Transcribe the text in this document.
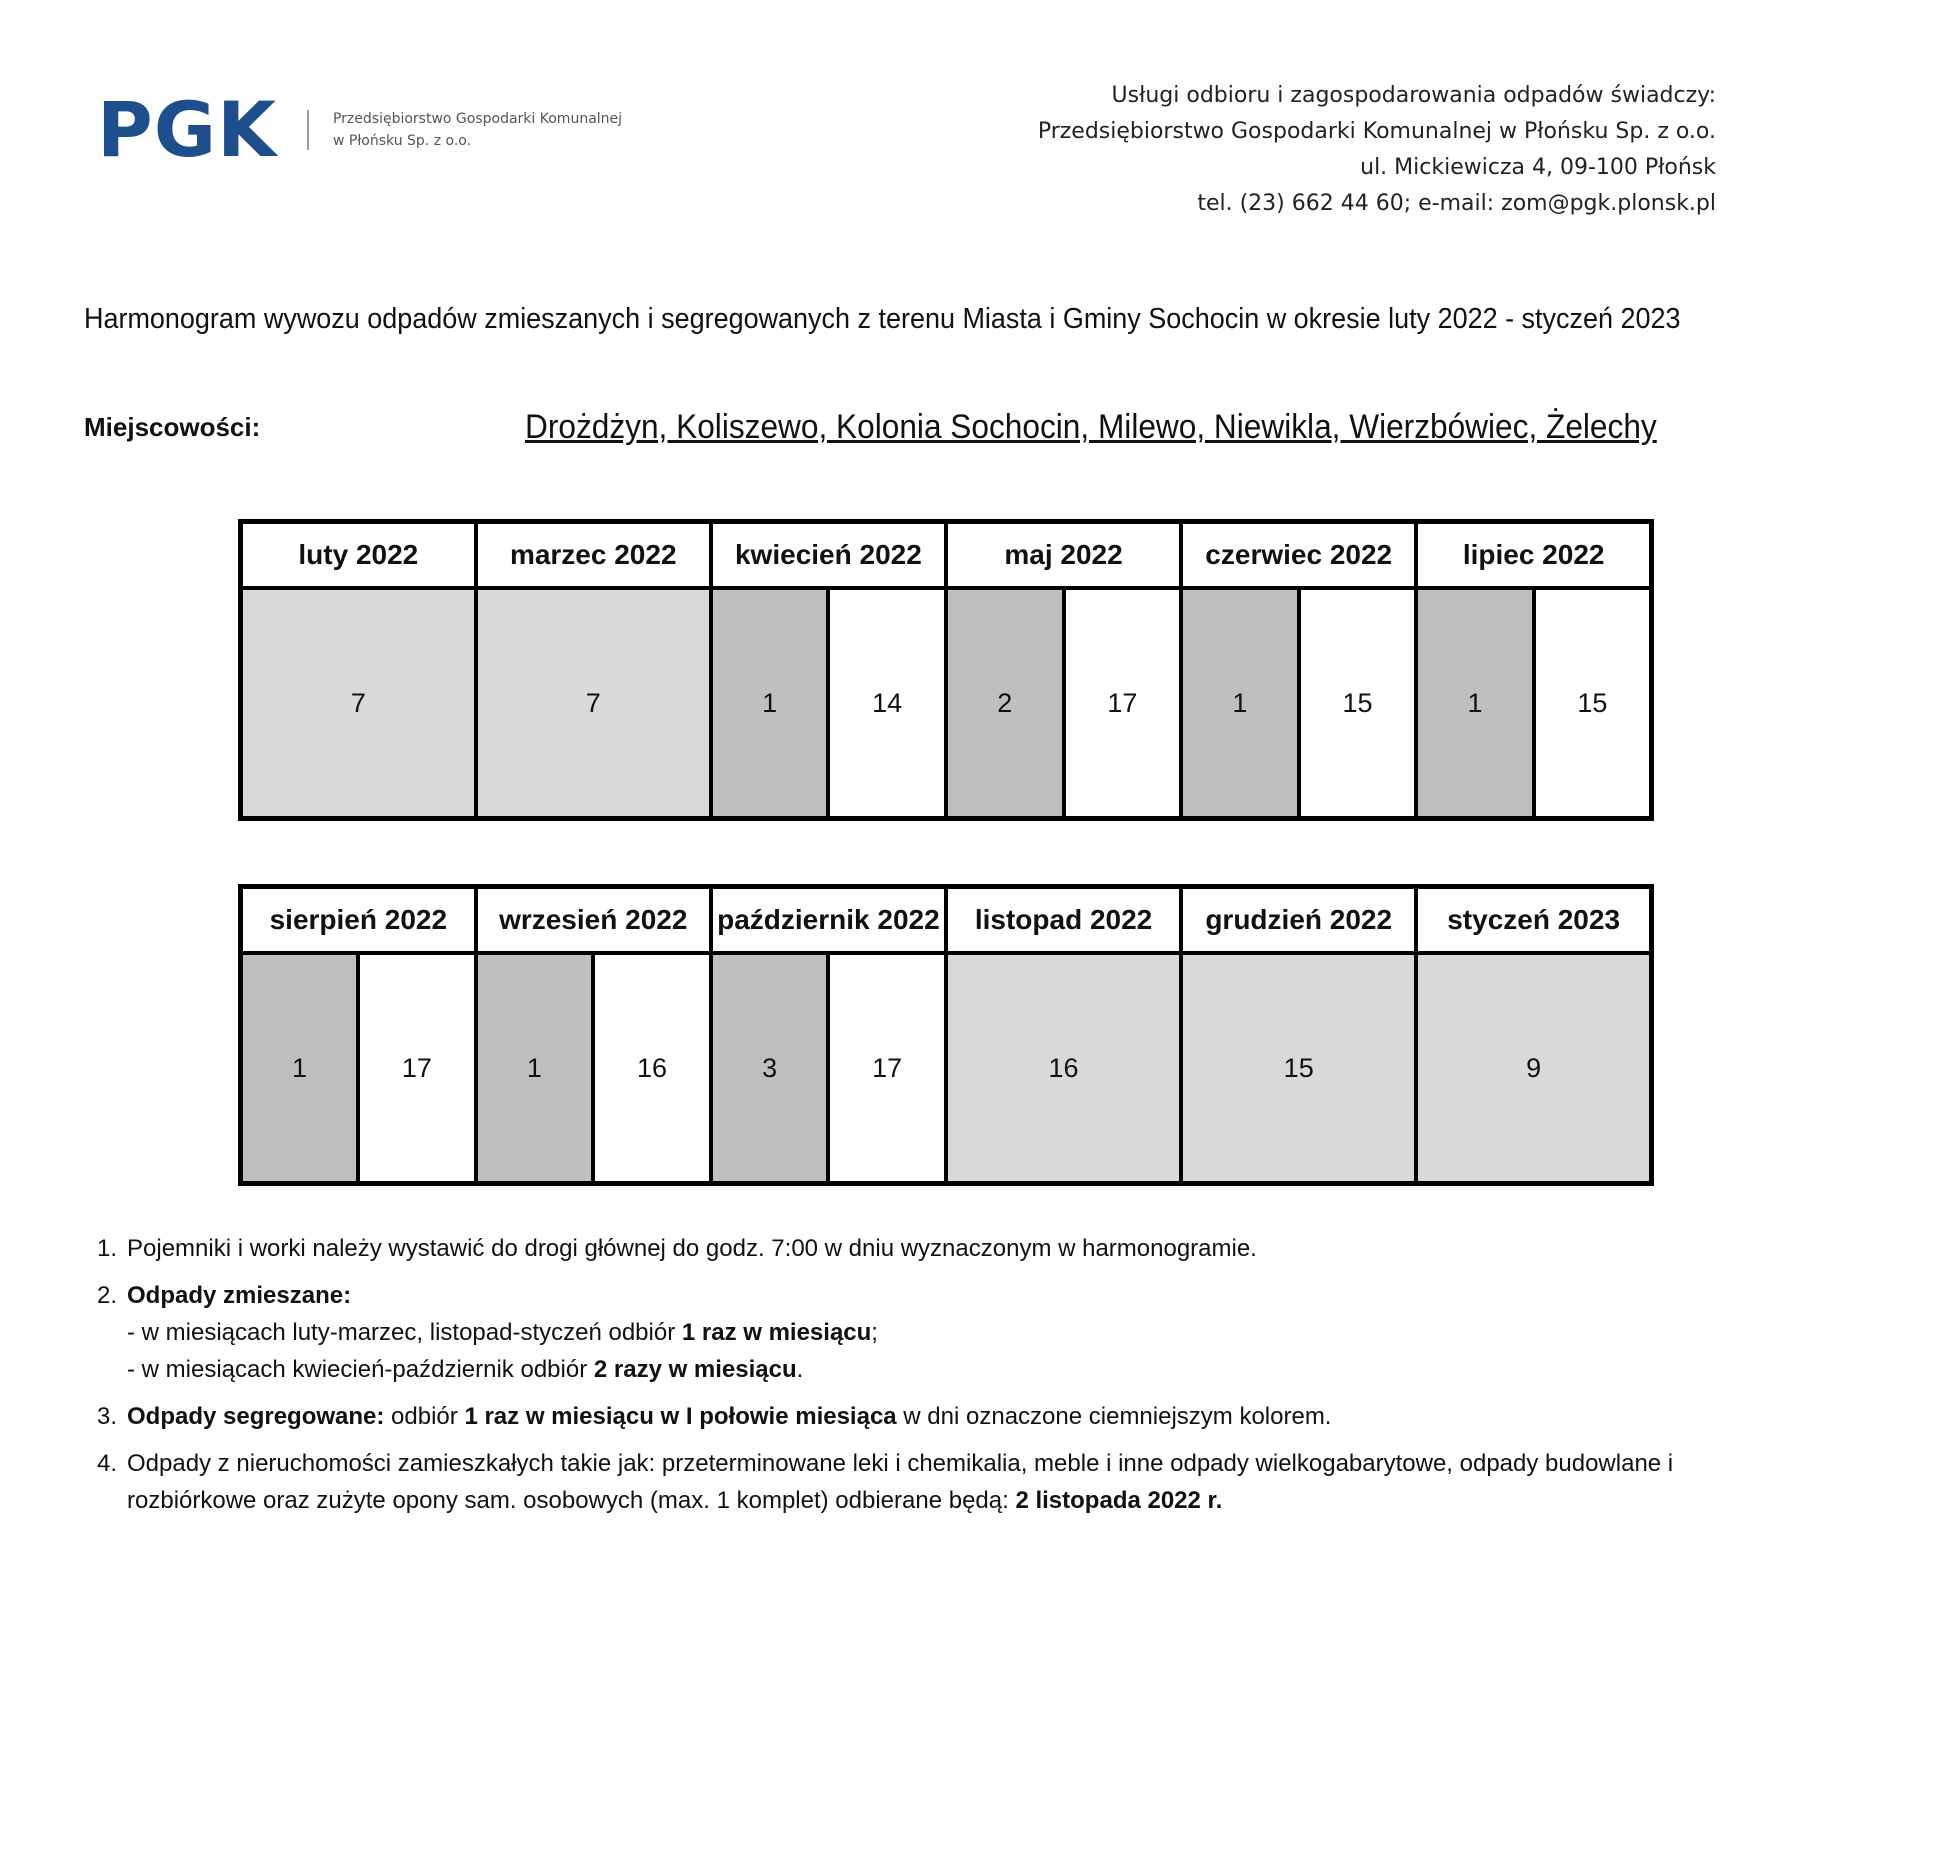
PGK	Przedsiębiorstwo Gospodarki Komunalnej
w Płońsku Sp. z o.o.
Usługi odbioru i zagospodarowania odpadów świadczy:
Przedsiębiorstwo Gospodarki Komunalnej w Płońsku Sp. z o.o.
ul. Mickiewicza 4, 09-100 Płońsk
tel. (23) 662 44 60; e-mail: zom@pgk.plonsk.pl
Harmonogram wywozu odpadów zmieszanych i segregowanych z terenu Miasta i Gminy Sochocin w okresie luty 2022 - styczeń 2023
Miejscowości:	Drożdżyn, Koliszewo, Kolonia Sochocin, Milewo, Niewikla, Wierzbówiec, Żelechy
luty 2022	marzec 2022	kwiecień 2022		maj 2022		czerwiec 2022		lipiec 2022	
7	7	1	14	2	17	1	15	1	15
sierpień 2022		wrzesień 2022		październik 2022		listopad 2022	grudzień 2022	styczeń 2023
1	17	1	16	3	17	16	15	9
1. Pojemniki i worki należy wystawić do drogi głównej do godz. 7:00 w dniu wyznaczonym w harmonogramie.
2. Odpady zmieszane:
- w miesiącach luty-marzec, listopad-styczeń odbiór 1 raz w miesiącu;
- w miesiącach kwiecień-październik odbiór 2 razy w miesiącu.
3. Odpady segregowane: odbiór 1 raz w miesiącu w I połowie miesiąca w dni oznaczone ciemniejszym kolorem.
4. Odpady z nieruchomości zamieszkałych takie jak: przeterminowane leki i chemikalia, meble i inne odpady wielkogabarytowe, odpady budowlane i rozbiórkowe oraz zużyte opony sam. osobowych (max. 1 komplet) odbierane będą: 2 listopada 2022 r.
